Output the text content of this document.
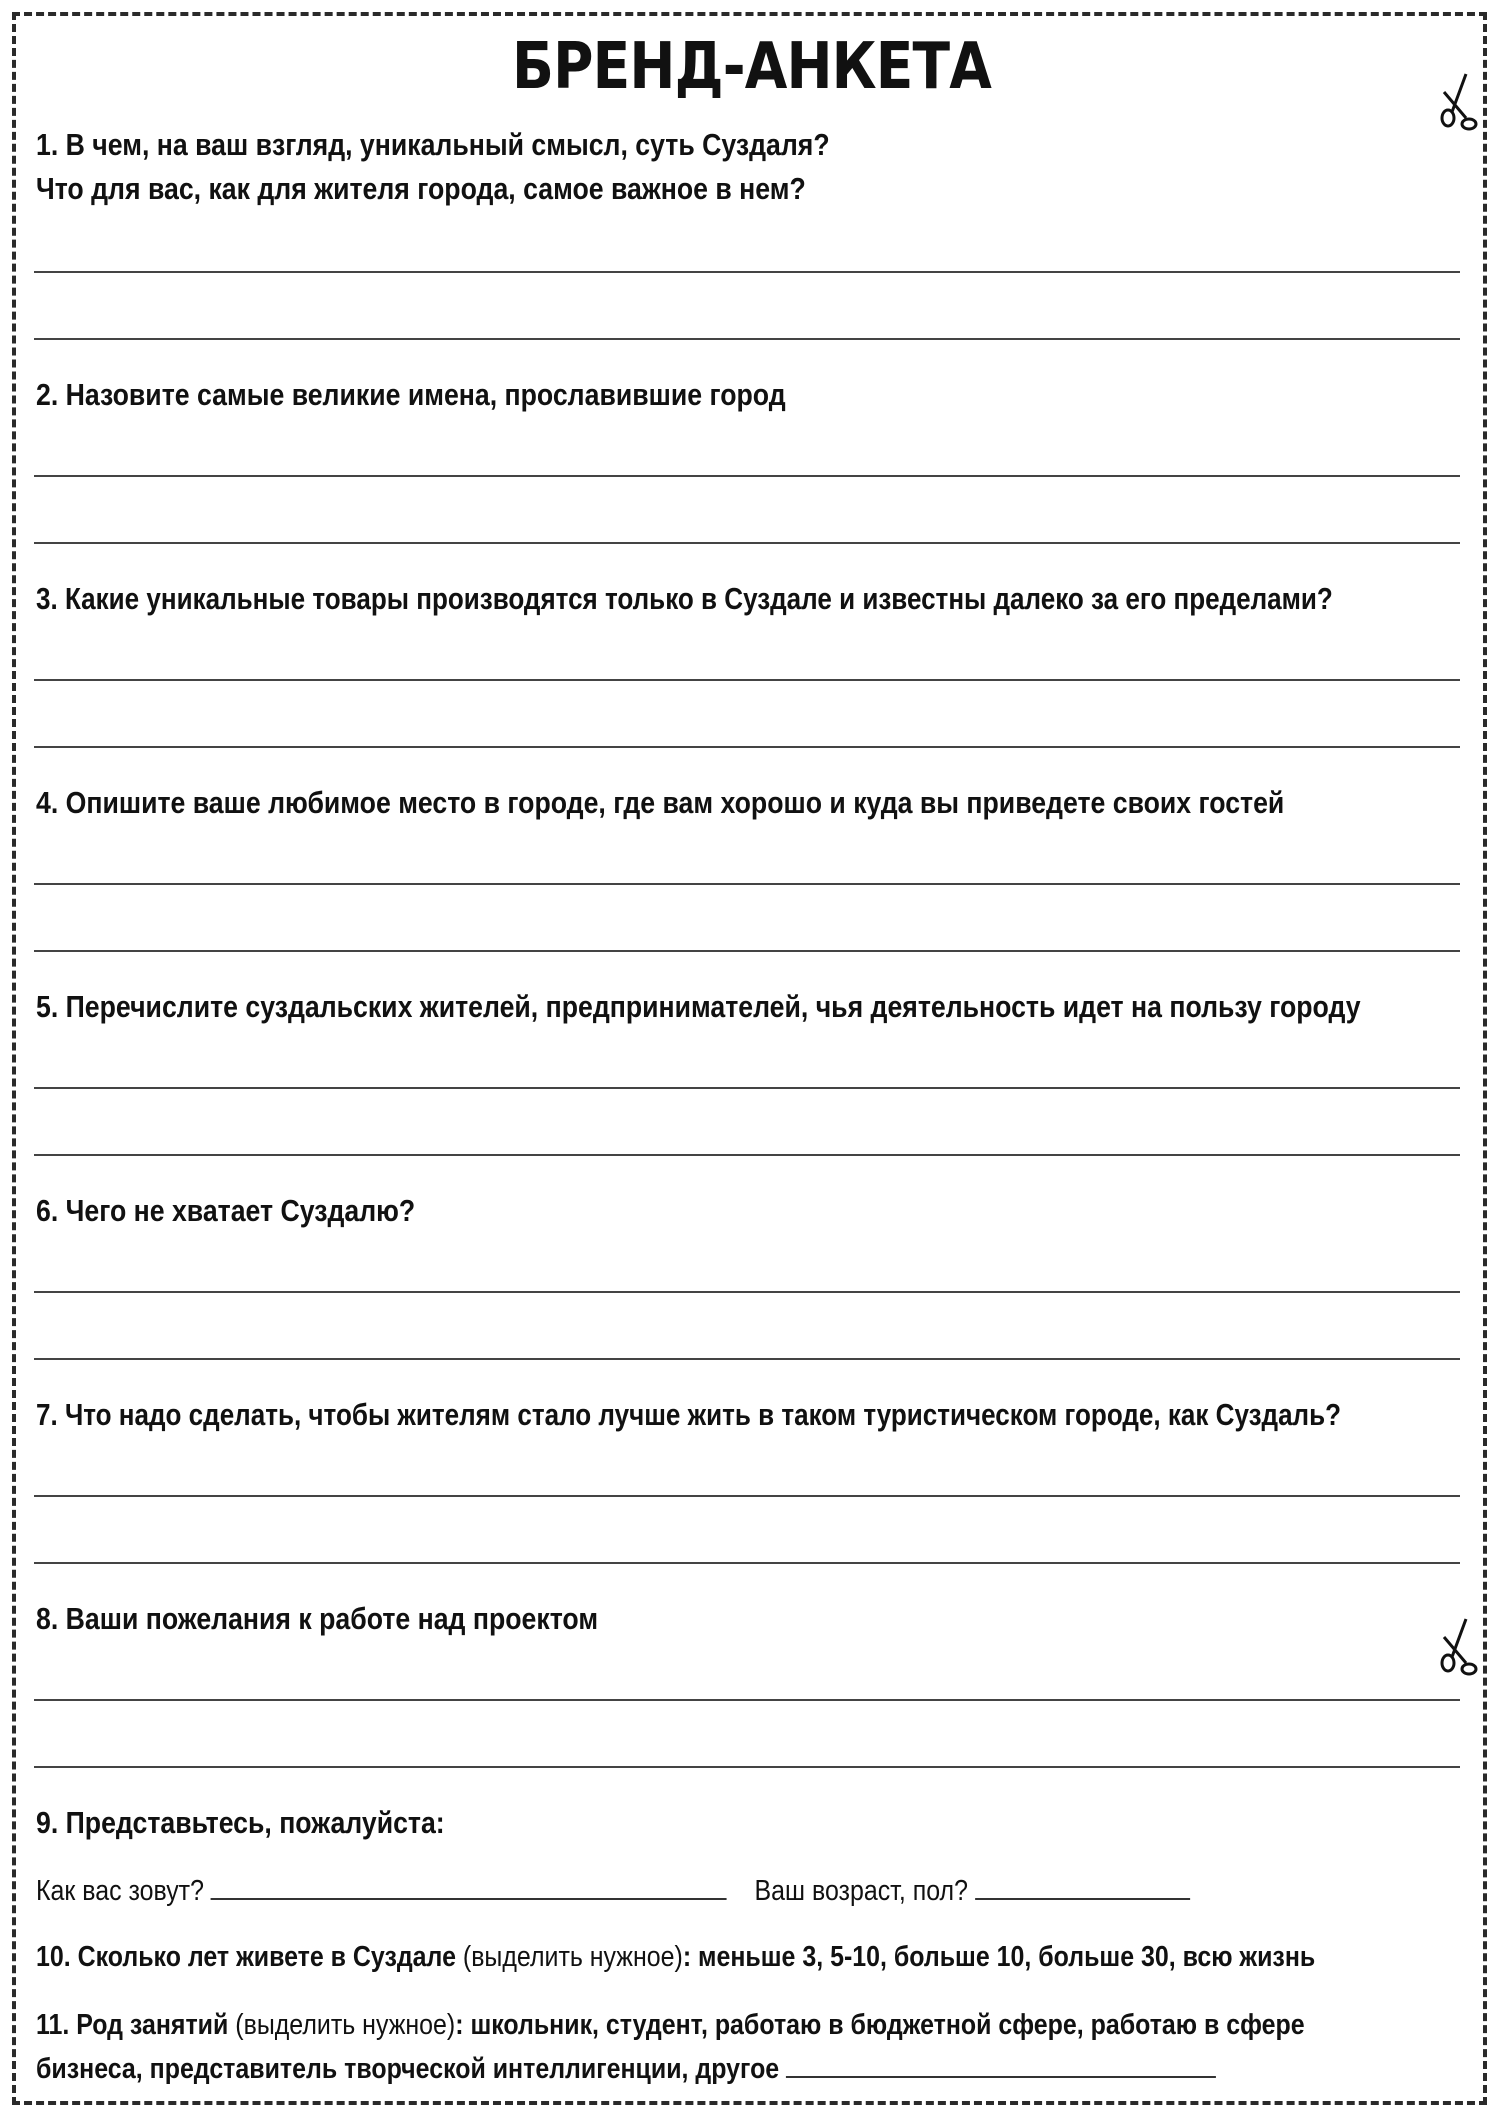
БРЕНД-АНКЕТА
1. В чем, на ваш взгляд, уникальный смысл, суть Суздаля?
Что для вас, как для жителя города, самое важное в нем?
2. Назовите самые великие имена, прославившие город
3. Какие уникальные товары производятся только в Суздале и известны далеко за его пределами?
4. Опишите ваше любимое место в городе, где вам хорошо и куда вы приведете своих гостей
5. Перечислите суздальских жителей, предпринимателей, чья деятельность идет на пользу городу
6. Чего не хватает Суздалю?
7. Что надо сделать, чтобы жителям стало лучше жить в таком туристическом городе, как Суздаль?
8. Ваши пожелания к работе над проектом
9. Представьтесь, пожалуйста:
Как вас зовут?	Ваш возраст, пол?
10. Сколько лет живете в Суздале (выделить нужное): меньше 3, 5-10, больше 10, больше 30, всю жизнь
11. Род занятий (выделить нужное): школьник, студент, работаю в бюджетной сфере, работаю в сфере
бизнеса, представитель творческой интеллигенции, другое
